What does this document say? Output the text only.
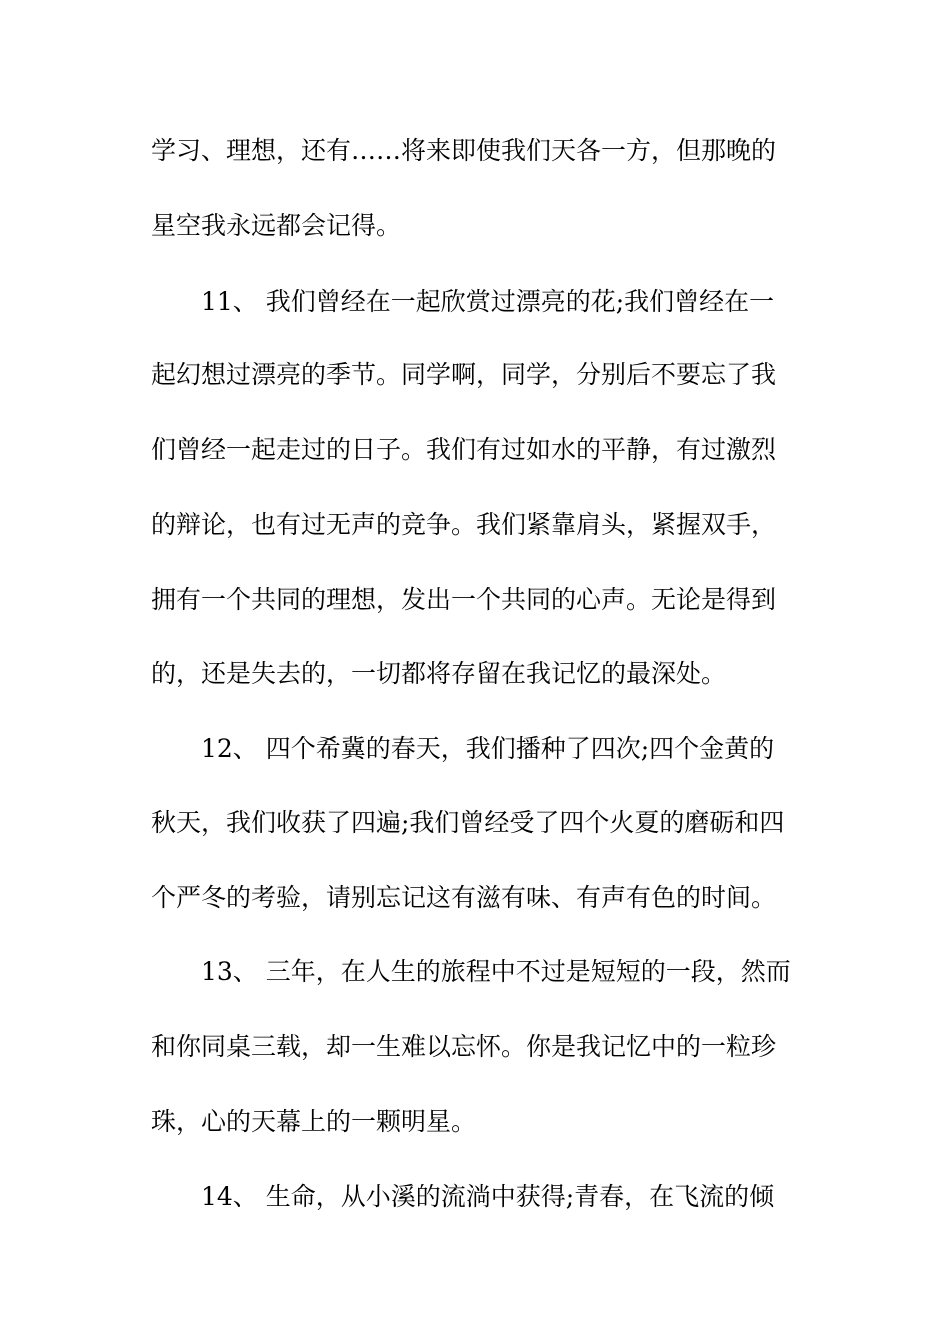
学习、理想，还有……将来即使我们天各一方，但那晚的
星空我永远都会记得。
11、 我们曾经在一起欣赏过漂亮的花;我们曾经在一
起幻想过漂亮的季节。同学啊，同学，分别后不要忘了我
们曾经一起走过的日子。我们有过如水的平静，有过激烈
的辩论，也有过无声的竞争。我们紧靠肩头，紧握双手，
拥有一个共同的理想，发出一个共同的心声。无论是得到
的，还是失去的，一切都将存留在我记忆的最深处。
12、 四个希冀的春天，我们播种了四次;四个金黄的
秋天，我们收获了四遍;我们曾经受了四个火夏的磨砺和四
个严冬的考验，请别忘记这有滋有味、有声有色的时间。
13、 三年，在人生的旅程中不过是短短的一段，然而
和你同桌三载，却一生难以忘怀。你是我记忆中的一粒珍
珠，心的天幕上的一颗明星。
14、 生命，从小溪的流淌中获得;青春，在飞流的倾
